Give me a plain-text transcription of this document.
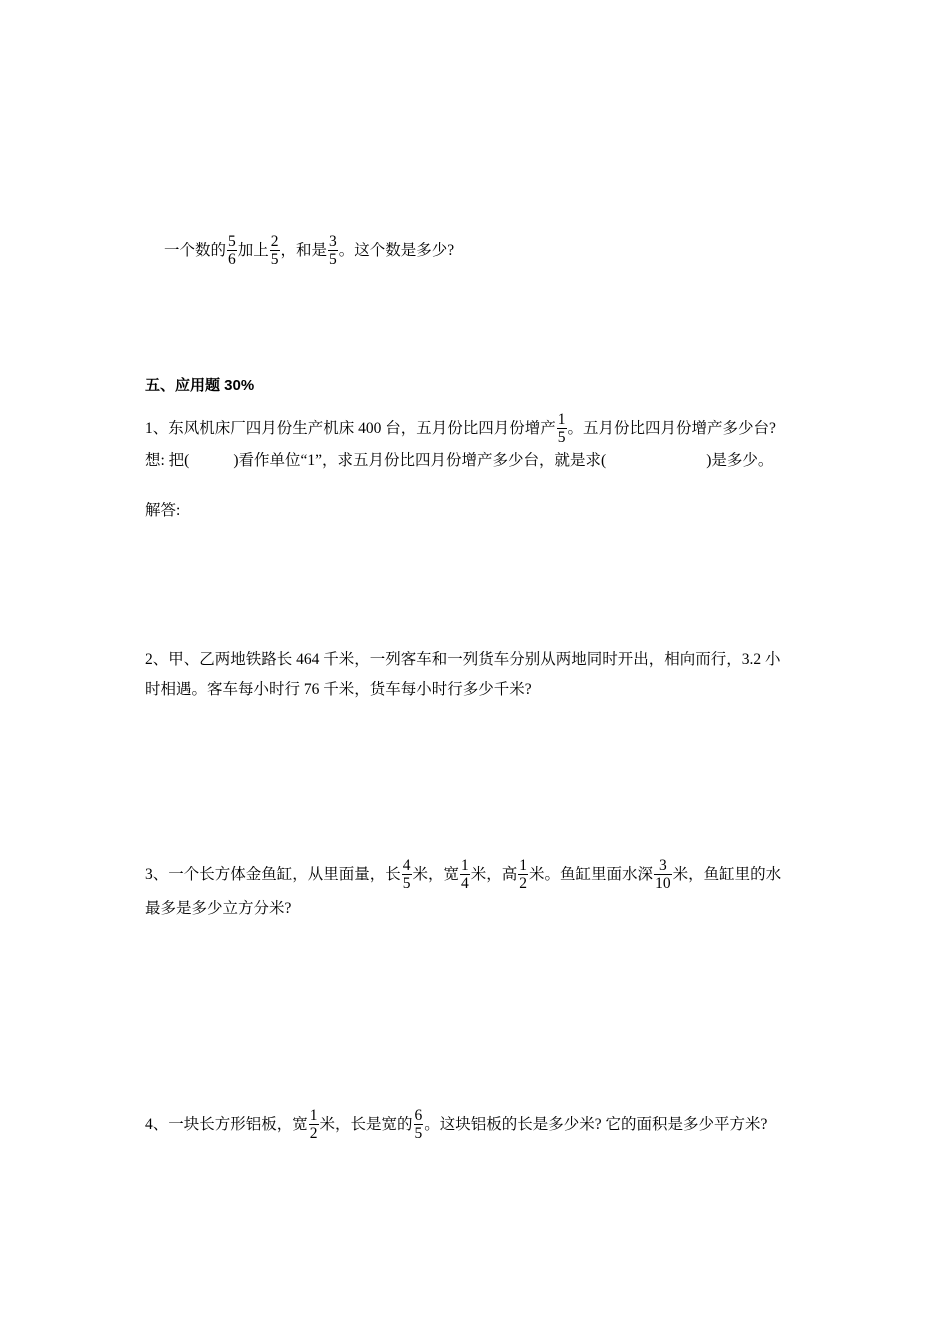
一个数的 $\frac{5}{6}$ 加上 $\frac{2}{5}$ ，和是 $\frac{3}{5}$ 。这个数是多少?
五、应用题 30%
1、东风机床厂四月份生产机床 400 台，五月份比四月份增产 $\frac{1}{5}$ 。五月份比四月份增产多少台?
想: 把(	)看作单位“1”，求五月份比四月份增产多少台，就是求(	)是多少。
解答:
2、甲、乙两地铁路长 464 千米，一列客车和一列货车分别从两地同时开出，相向而行，3.2 小
时相遇。客车每小时行 76 千米，货车每小时行多少千米?
3、一个长方体金鱼缸，从里面量，长 $\frac{4}{5}$ 米，宽 $\frac{1}{4}$ 米，高 $\frac{1}{2}$ 米。鱼缸里面水深 $\frac{3}{10}$ 米，鱼缸里的水
最多是多少立方分米?
4、一块长方形铝板，宽 $\frac{1}{2}$ 米，长是宽的 $\frac{6}{5}$ 。这块铝板的长是多少米? 它的面积是多少平方米?
